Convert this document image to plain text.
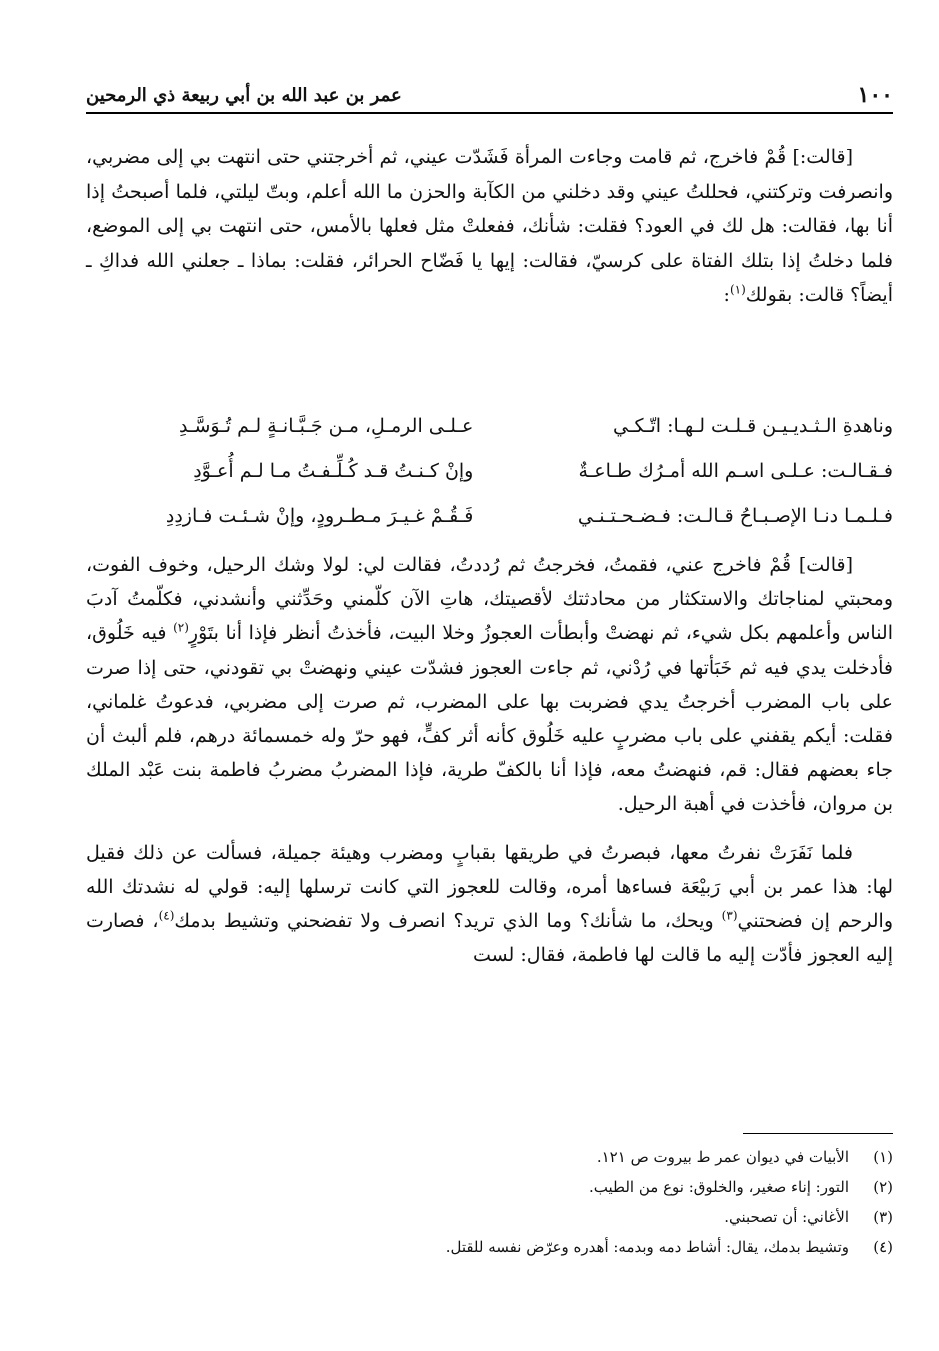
١٠٠
عمر بن عبد الله بن أبي ربيعة ذي الرمحين

[قالت:] قُمْ فاخرج، ثم قامت وجاءت المرأة فَشَدّت عيني، ثم أخرجتني حتى انتهت بي إلى مضربي، وانصرفت وتركتني، فحللتُ عيني وقد دخلني من الكآبة والحزن ما الله أعلم، وبتّ ليلتي، فلما أصبحتُ إذا أنا بها، فقالت: هل لك في العود؟ فقلت: شأنك، ففعلتْ مثل فعلها بالأمس، حتى انتهت بي إلى الموضع، فلما دخلتُ إذا بتلك الفتاة على كرسيّ، فقالت: إيها يا فَضّاح الحرائر، فقلت: بماذا ـ جعلني الله فداكِ ـ أيضاً؟ قالت: بقولك$^{(١)}$:

وناهدةِ الـثـديـيـن قـلـت لـهـا: اتّـكـي
عـلـى الرمـلِ، مـن جَـبَّـانـةٍ لـم تُـوَسَّـدِ
فـقـالـت: عـلـى اسـم الله أمـرُك طـاعـةٌ
وإنْ كـنـتُ قـد كُـلِّـفـتُ مـا لـم أُعـوَّدِ
فـلـمـا دنـا الإصـبـاحُ قـالـت: فـضـحـتـنـي
فَـقُـمْ غـيـرَ مـطـرودٍ، وإنْ شـئـت فـازدِدِ

[قالت] قُمْ فاخرج عني، فقمتُ، فخرجتُ ثم رُددتُ، فقالت لي: لولا وشك الرحيل، وخوف الفوت، ومحبتي لمناجاتك والاستكثار من محادثتك لأقصيتك، هاتِ الآن كلّمني وحَدِّثني وأنشدني، فكلّمتُ آدبَ الناس وأعلمهم بكل شيء، ثم نهضتْ وأبطأت العجوزُ وخلا البيت، فأخذتُ أنظر فإذا أنا بتَوْرٍ$^{(٢)}$ فيه خَلُوق، فأدخلت يدي فيه ثم خَبَأتها في رُدْني، ثم جاءت العجوز فشدّت عيني ونهضتْ بي تقودني، حتى إذا صرت على باب المضرب أخرجتُ يدي فضربت بها على المضرب، ثم صرت إلى مضربي، فدعوتُ غلماني، فقلت: أيكم يقفني على باب مضربٍ عليه خَلُوق كأنه أثر كفٍّ، فهو حرّ وله خمسمائة درهم، فلم ألبث أن جاء بعضهم فقال: قم، فنهضتُ معه، فإذا أنا بالكفّ طرية، فإذا المضربُ مضربُ فاطمة بنت عَبْد الملك بن مروان، فأخذت في أهبة الرحيل.

فلما نَفَرَتْ نفرتُ معها، فبصرتُ في طريقها بقبابٍ ومضرب وهيئة جميلة، فسألت عن ذلك فقيل لها: هذا عمر بن أبي رَبيْعَة فساءها أمره، وقالت للعجوز التي كانت ترسلها إليه: قولي له نشدتك الله والرحم إن فضحتني$^{(٣)}$ ويحك، ما شأنك؟ وما الذي تريد؟ انصرف ولا تفضحني وتشيط بدمك$^{(٤)}$، فصارت إليه العجوز فأدّت إليه ما قالت لها فاطمة، فقال: لست

(١)
الأبيات في ديوان عمر ط بيروت ص ١٢١.
(٢)
التور: إناء صغير، والخلوق: نوع من الطيب.
(٣)
الأغاني: أن تصحبني.
(٤)
وتشيط بدمك، يقال: أشاط دمه وبدمه: أهدره وعرّض نفسه للقتل.
